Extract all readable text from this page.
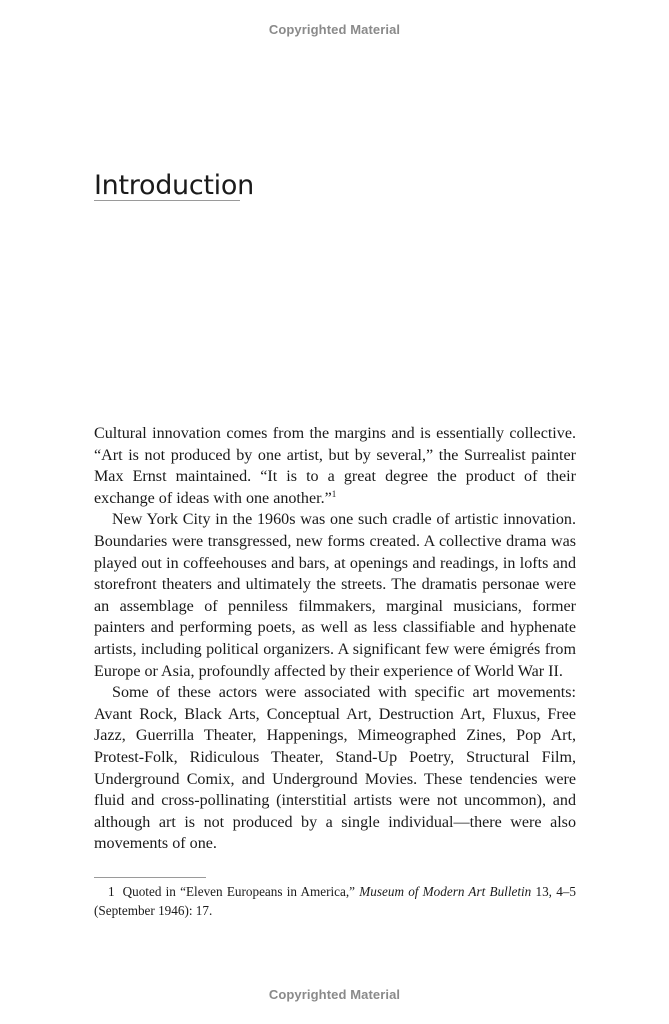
Copyrighted Material
Introduction

Cultural innovation comes from the margins and is essentially collective. “Art is not produced by one artist, but by several,” the Surrealist painter Max Ernst maintained. “It is to a great degree the product of their exchange of ideas with one another.”$^1$

New York City in the 1960s was one such cradle of artistic innovation. Boundaries were transgressed, new forms created. A collective drama was played out in coffeehouses and bars, at openings and readings, in lofts and storefront theaters and ultimately the streets. The dramatis personae were an assemblage of penniless filmmakers, marginal musicians, former painters and performing poets, as well as less classifiable and hyphenate artists, including political organizers. A significant few were émigrés from Europe or Asia, profoundly affected by their experience of World War II.

Some of these actors were associated with specific art movements: Avant Rock, Black Arts, Conceptual Art, Destruction Art, Fluxus, Free Jazz, Guerrilla Theater, Happenings, Mimeographed Zines, Pop Art, Protest-Folk, Ridiculous Theater, Stand-Up Poetry, Structural Film, Underground Comix, and Underground Movies. These tendencies were fluid and cross-pollinating (interstitial artists were not uncommon), and although art is not produced by a single individual—there were also movements of one.

1 Quoted in “Eleven Europeans in America,” Museum of Modern Art Bulletin 13, 4–5 (September 1946): 17.
Copyrighted Material
